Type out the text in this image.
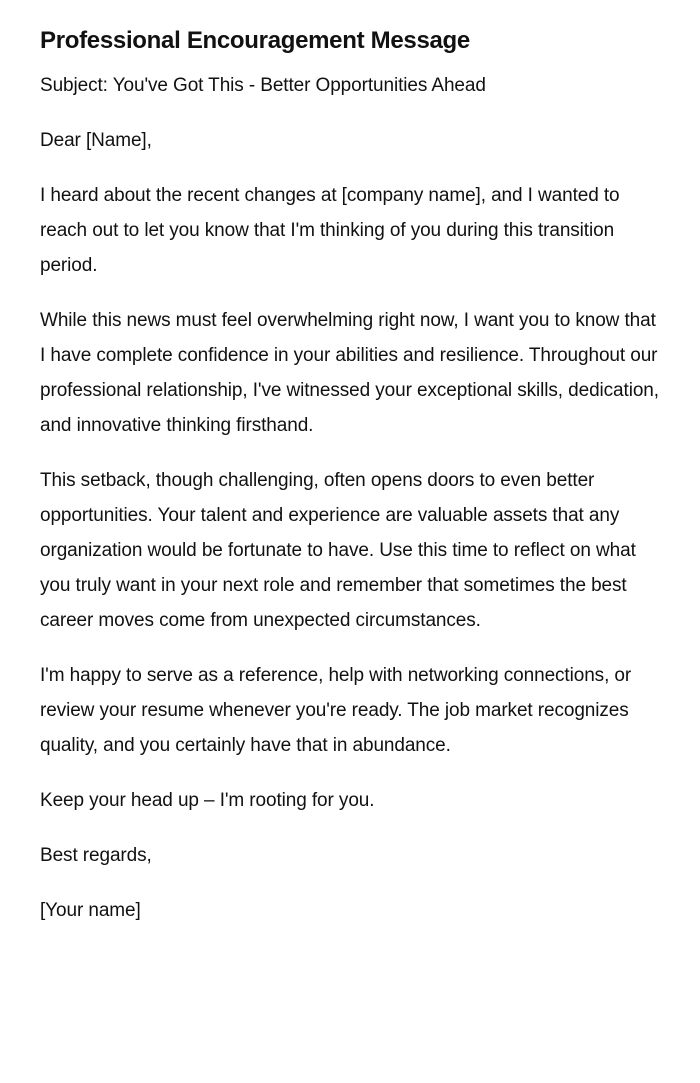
Professional Encouragement Message

Subject: You've Got This - Better Opportunities Ahead

Dear [Name],

I heard about the recent changes at [company name], and I wanted to reach out to let you know that I'm thinking of you during this transition period.

While this news must feel overwhelming right now, I want you to know that I have complete confidence in your abilities and resilience. Throughout our professional relationship, I've witnessed your exceptional skills, dedication, and innovative thinking firsthand.

This setback, though challenging, often opens doors to even better opportunities. Your talent and experience are valuable assets that any organization would be fortunate to have. Use this time to reflect on what you truly want in your next role and remember that sometimes the best career moves come from unexpected circumstances.

I'm happy to serve as a reference, help with networking connections, or review your resume whenever you're ready. The job market recognizes quality, and you certainly have that in abundance.

Keep your head up – I'm rooting for you.

Best regards,

[Your name]
